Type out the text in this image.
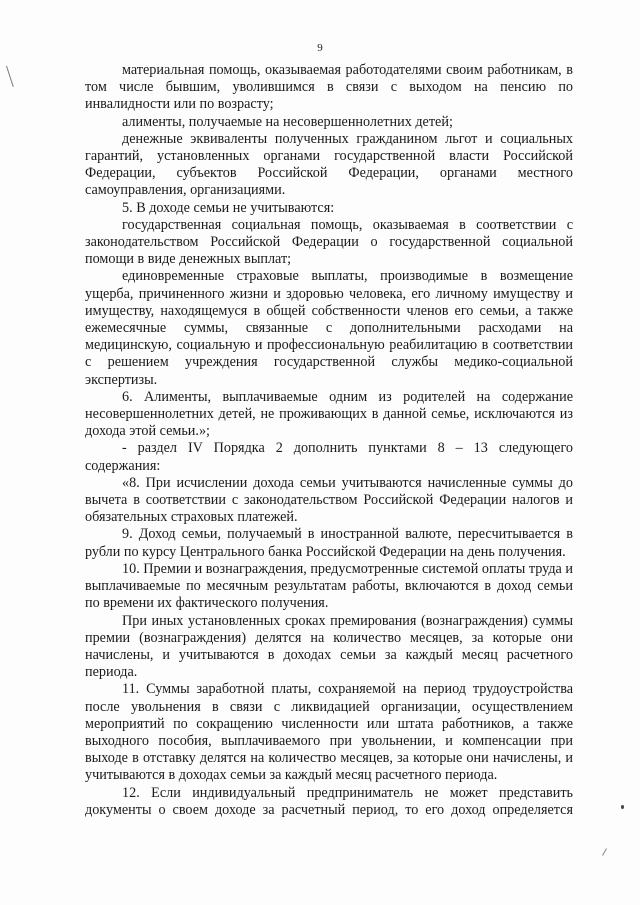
9

материальная помощь, оказываемая работодателями своим работникам, в том числе бывшим, уволившимся в связи с выходом на пенсию по инвалидности или по возрасту;

алименты, получаемые на несовершеннолетних детей;

денежные эквиваленты полученных гражданином льгот и социальных гарантий, установленных органами государственной власти Российской Федерации, субъектов Российской Федерации, органами местного самоуправления, организациями.

5. В доходе семьи не учитываются:

государственная социальная помощь, оказываемая в соответствии с законодательством Российской Федерации о государственной социальной помощи в виде денежных выплат;

единовременные страховые выплаты, производимые в возмещение ущерба, причиненного жизни и здоровью человека, его личному имуществу и имуществу, находящемуся в общей собственности членов его семьи, а также ежемесячные суммы, связанные с дополнительными расходами на медицинскую, социальную и профессиональную реабилитацию в соответствии с решением учреждения государственной службы медико-социальной экспертизы.

6. Алименты, выплачиваемые одним из родителей на содержание несовершеннолетних детей, не проживающих в данной семье, исключаются из дохода этой семьи.»;

- раздел IV Порядка 2 дополнить пунктами 8 – 13 следующего содержания:

«8. При исчислении дохода семьи учитываются начисленные суммы до вычета в соответствии с законодательством Российской Федерации налогов и обязательных страховых платежей.

9. Доход семьи, получаемый в иностранной валюте, пересчитывается в рубли по курсу Центрального банка Российской Федерации на день получения.

10. Премии и вознаграждения, предусмотренные системой оплаты труда и выплачиваемые по месячным результатам работы, включаются в доход семьи по времени их фактического получения.

При иных установленных сроках премирования (вознаграждения) суммы премии (вознаграждения) делятся на количество месяцев, за которые они начислены, и учитываются в доходах семьи за каждый месяц расчетного периода.

11. Суммы заработной платы, сохраняемой на период трудоустройства после увольнения в связи с ликвидацией организации, осуществлением мероприятий по сокращению численности или штата работников, а также выходного пособия, выплачиваемого при увольнении, и компенсации при выходе в отставку делятся на количество месяцев, за которые они начислены, и учитываются в доходах семьи за каждый месяц расчетного периода.

12. Если индивидуальный предприниматель не может представить документы о своем доходе за расчетный период, то его доход определяется
